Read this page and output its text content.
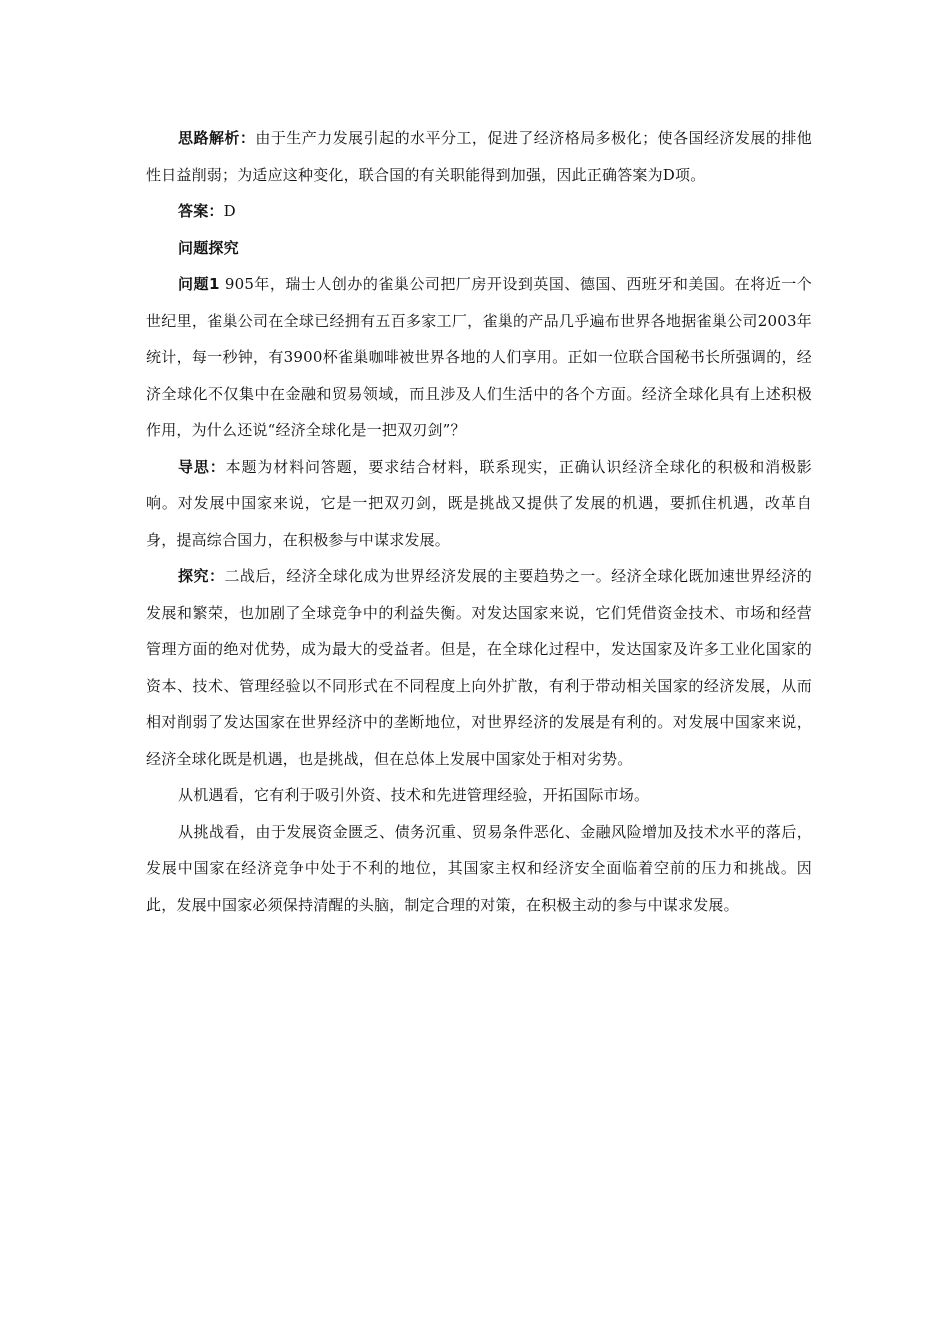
思路解析：由于生产力发展引起的水平分工，促进了经济格局多极化；使各国经济发展的排他性日益削弱；为适应这种变化，联合国的有关职能得到加强，因此正确答案为D项。

答案：D

问题探究

问题1 905年，瑞士人创办的雀巢公司把厂房开设到英国、德国、西班牙和美国。在将近一个世纪里，雀巢公司在全球已经拥有五百多家工厂，雀巢的产品几乎遍布世界各地据雀巢公司2003年统计，每一秒钟，有3900杯雀巢咖啡被世界各地的人们享用。正如一位联合国秘书长所强调的，经济全球化不仅集中在金融和贸易领域，而且涉及人们生活中的各个方面。经济全球化具有上述积极作用，为什么还说“经济全球化是一把双刃剑”？

导思：本题为材料问答题，要求结合材料，联系现实，正确认识经济全球化的积极和消极影响。对发展中国家来说，它是一把双刃剑，既是挑战又提供了发展的机遇，要抓住机遇，改革自身，提高综合国力，在积极参与中谋求发展。

探究：二战后，经济全球化成为世界经济发展的主要趋势之一。经济全球化既加速世界经济的发展和繁荣，也加剧了全球竞争中的利益失衡。对发达国家来说，它们凭借资金技术、市场和经营管理方面的绝对优势，成为最大的受益者。但是，在全球化过程中，发达国家及许多工业化国家的资本、技术、管理经验以不同形式在不同程度上向外扩散，有利于带动相关国家的经济发展，从而相对削弱了发达国家在世界经济中的垄断地位，对世界经济的发展是有利的。对发展中国家来说，经济全球化既是机遇，也是挑战，但在总体上发展中国家处于相对劣势。

从机遇看，它有利于吸引外资、技术和先进管理经验，开拓国际市场。

从挑战看，由于发展资金匮乏、债务沉重、贸易条件恶化、金融风险增加及技术水平的落后，发展中国家在经济竞争中处于不利的地位，其国家主权和经济安全面临着空前的压力和挑战。因此，发展中国家必须保持清醒的头脑，制定合理的对策，在积极主动的参与中谋求发展。
